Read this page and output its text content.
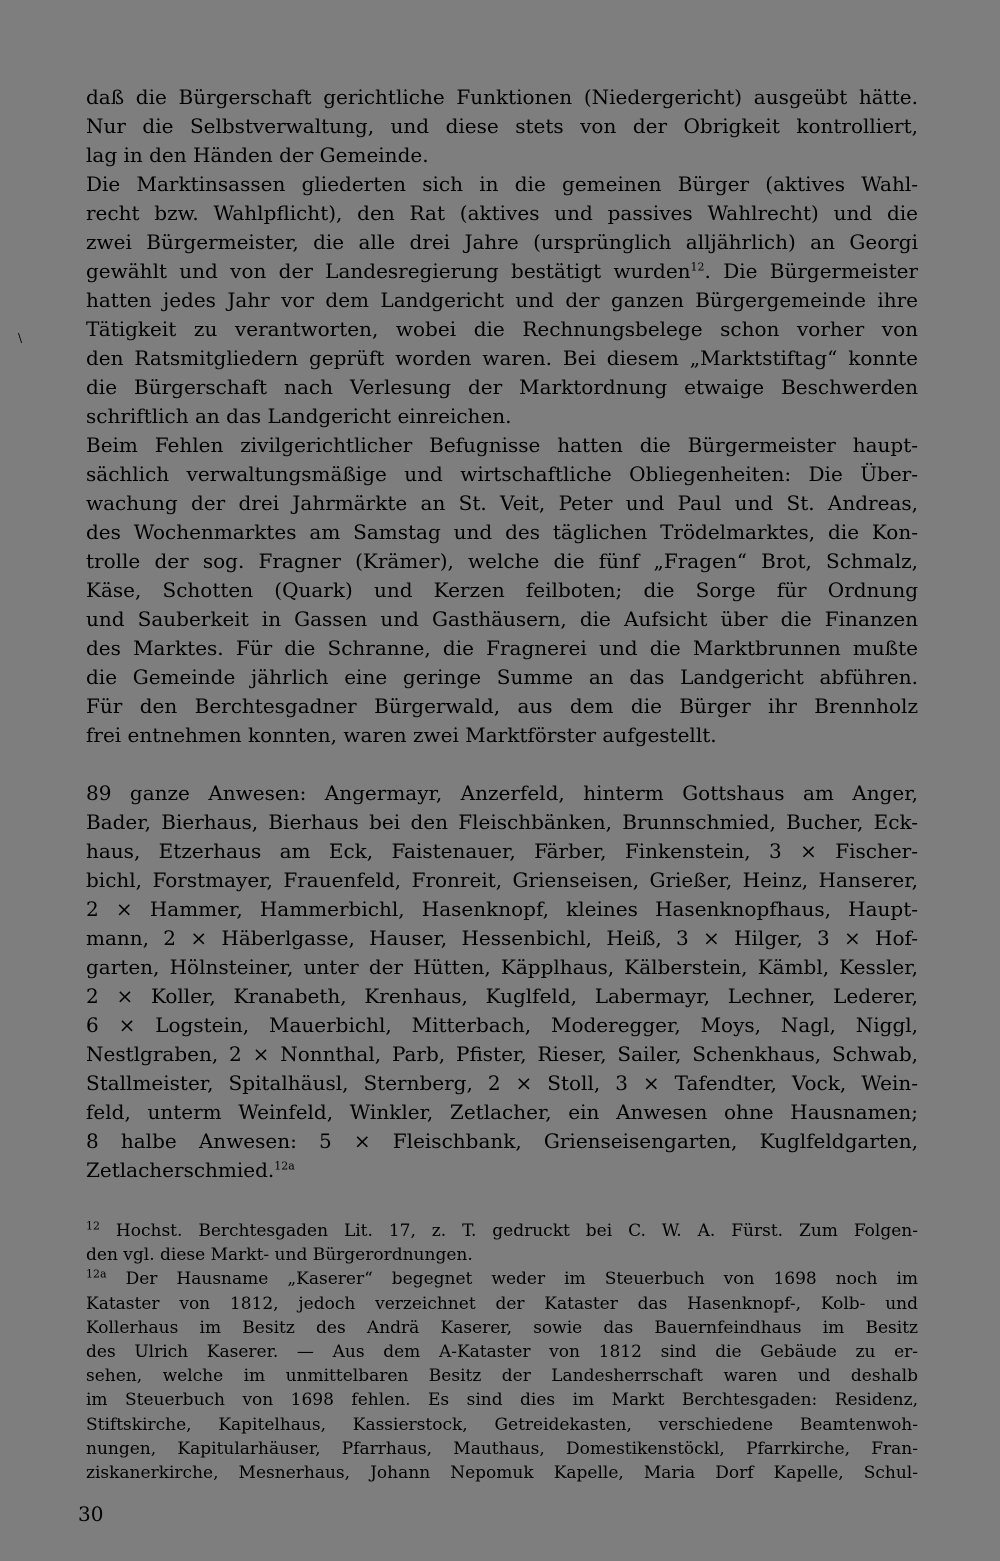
daß die Bürgerschaft gerichtliche Funktionen (Niedergericht) ausgeübt hätte.
Nur die Selbstverwaltung, und diese stets von der Obrigkeit kontrolliert,
lag in den Händen der Gemeinde.
Die Marktinsassen gliederten sich in die gemeinen Bürger (aktives Wahl-
recht bzw. Wahlpflicht), den Rat (aktives und passives Wahlrecht) und die
zwei Bürgermeister, die alle drei Jahre (ursprünglich alljährlich) an Georgi
gewählt und von der Landesregierung bestätigt wurden$^{12}$. Die Bürgermeister
hatten jedes Jahr vor dem Landgericht und der ganzen Bürgergemeinde ihre
Tätigkeit zu verantworten, wobei die Rechnungsbelege schon vorher von
den Ratsmitgliedern geprüft worden waren. Bei diesem „Marktstiftag“ konnte
die Bürgerschaft nach Verlesung der Marktordnung etwaige Beschwerden
schriftlich an das Landgericht einreichen.
Beim Fehlen zivilgerichtlicher Befugnisse hatten die Bürgermeister haupt-
sächlich verwaltungsmäßige und wirtschaftliche Obliegenheiten: Die Über-
wachung der drei Jahrmärkte an St. Veit, Peter und Paul und St. Andreas,
des Wochenmarktes am Samstag und des täglichen Trödelmarktes, die Kon-
trolle der sog. Fragner (Krämer), welche die fünf „Fragen“ Brot, Schmalz,
Käse, Schotten (Quark) und Kerzen feilboten; die Sorge für Ordnung
und Sauberkeit in Gassen und Gasthäusern, die Aufsicht über die Finanzen
des Marktes. Für die Schranne, die Fragnerei und die Marktbrunnen mußte
die Gemeinde jährlich eine geringe Summe an das Landgericht abführen.
Für den Berchtesgadner Bürgerwald, aus dem die Bürger ihr Brennholz
frei entnehmen konnten, waren zwei Marktförster aufgestellt.
89 ganze Anwesen: Angermayr, Anzerfeld, hinterm Gottshaus am Anger,
Bader, Bierhaus, Bierhaus bei den Fleischbänken, Brunnschmied, Bucher, Eck-
haus, Etzerhaus am Eck, Faistenauer, Färber, Finkenstein, 3 × Fischer-
bichl, Forstmayer, Frauenfeld, Fronreit, Grienseisen, Grießer, Heinz, Hanserer,
2 × Hammer, Hammerbichl, Hasenknopf, kleines Hasenknopfhaus, Haupt-
mann, 2 × Häberlgasse, Hauser, Hessenbichl, Heiß, 3 × Hilger, 3 × Hof-
garten, Hölnsteiner, unter der Hütten, Käpplhaus, Kälberstein, Kämbl, Kessler,
2 × Koller, Kranabeth, Krenhaus, Kuglfeld, Labermayr, Lechner, Lederer,
6 × Logstein, Mauerbichl, Mitterbach, Moderegger, Moys, Nagl, Niggl,
Nestlgraben, 2 × Nonnthal, Parb, Pfister, Rieser, Sailer, Schenkhaus, Schwab,
Stallmeister, Spitalhäusl, Sternberg, 2 × Stoll, 3 × Tafendter, Vock, Wein-
feld, unterm Weinfeld, Winkler, Zetlacher, ein Anwesen ohne Hausnamen;
8 halbe Anwesen: 5 × Fleischbank, Grienseisengarten, Kuglfeldgarten,
Zetlacherschmied.$^{12a}$
$^{12}$ Hochst. Berchtesgaden Lit. 17, z. T. gedruckt bei C. W. A. Fürst. Zum Folgen-
den vgl. diese Markt- und Bürgerordnungen.
$^{12a}$ Der Hausname „Kaserer“ begegnet weder im Steuerbuch von 1698 noch im
Kataster von 1812, jedoch verzeichnet der Kataster das Hasenknopf-, Kolb- und
Kollerhaus im Besitz des Andrä Kaserer, sowie das Bauernfeindhaus im Besitz
des Ulrich Kaserer. — Aus dem A-Kataster von 1812 sind die Gebäude zu er-
sehen, welche im unmittelbaren Besitz der Landesherrschaft waren und deshalb
im Steuerbuch von 1698 fehlen. Es sind dies im Markt Berchtesgaden: Residenz,
Stiftskirche, Kapitelhaus, Kassierstock, Getreidekasten, verschiedene Beamtenwoh-
nungen, Kapitularhäuser, Pfarrhaus, Mauthaus, Domestikenstöckl, Pfarrkirche, Fran-
ziskanerkirche, Mesnerhaus, Johann Nepomuk Kapelle, Maria Dorf Kapelle, Schul-
\
30
